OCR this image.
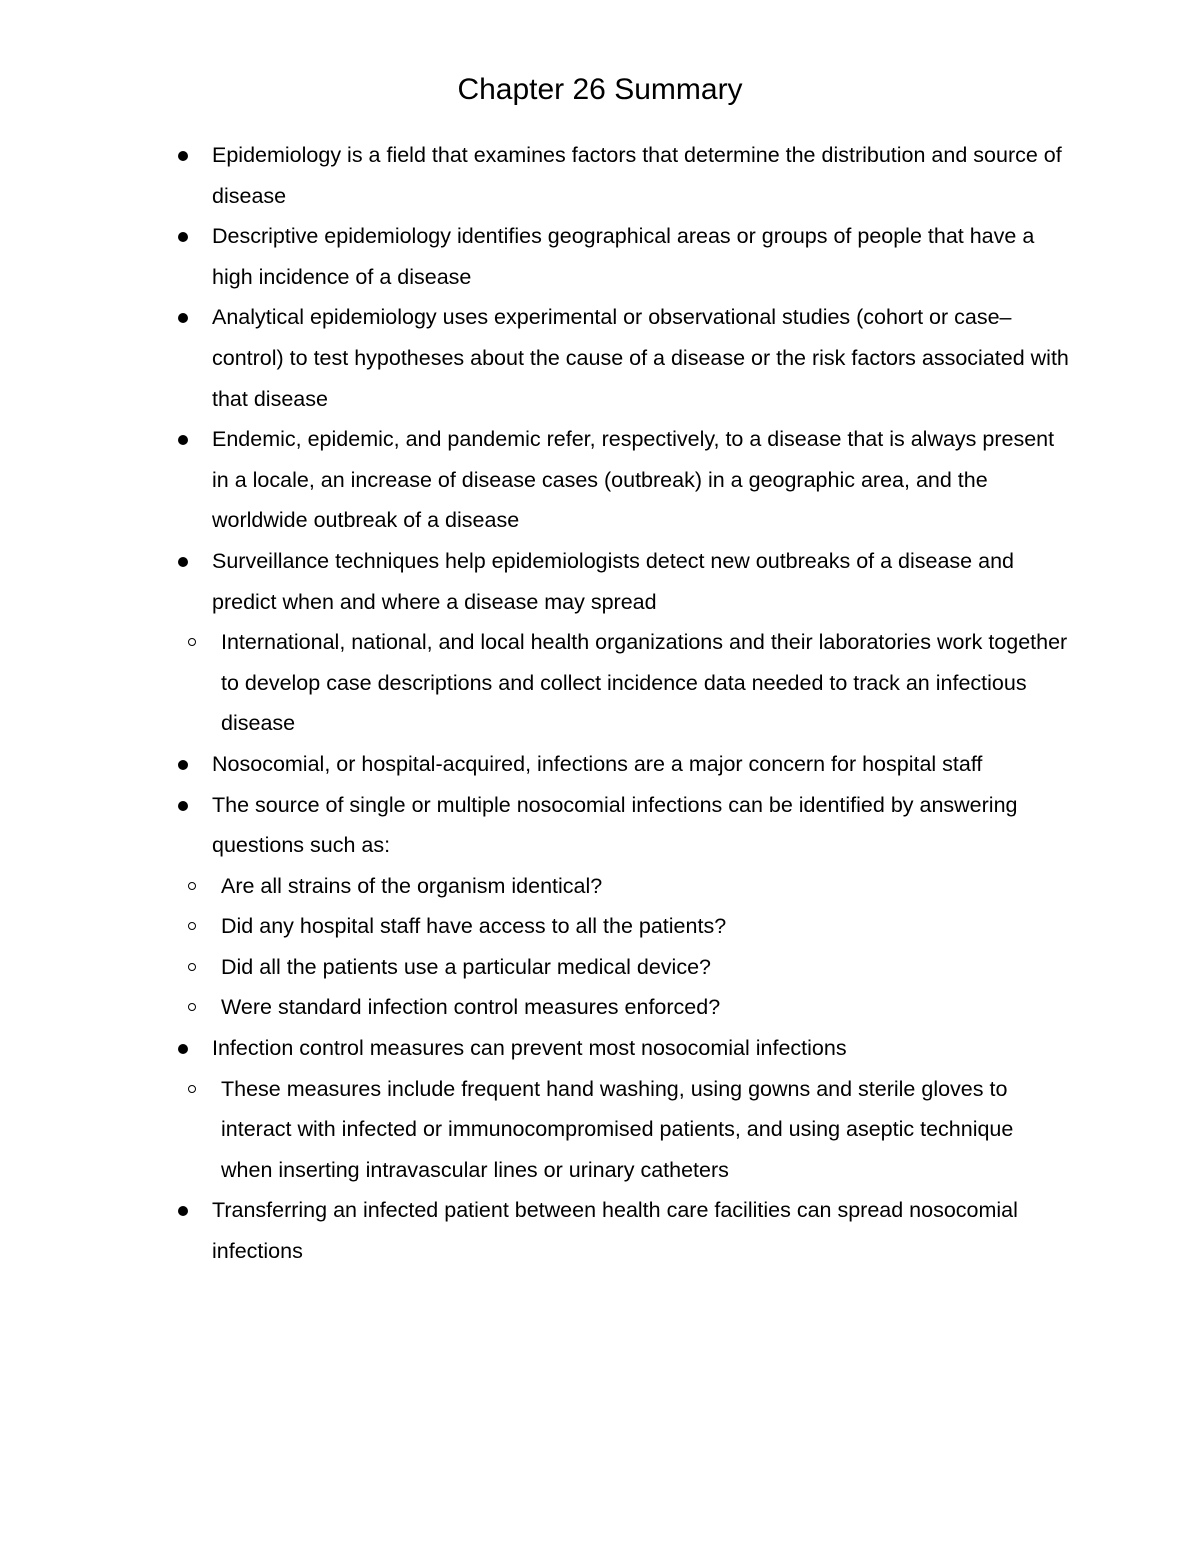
Chapter 26 Summary
Epidemiology is a field that examines factors that determine the distribution and source of disease
Descriptive epidemiology identifies geographical areas or groups of people that have a high incidence of a disease
Analytical epidemiology uses experimental or observational studies (cohort or case–control) to test hypotheses about the cause of a disease or the risk factors associated with that disease
Endemic, epidemic, and pandemic refer, respectively, to a disease that is always present in a locale, an increase of disease cases (outbreak) in a geographic area, and the worldwide outbreak of a disease
Surveillance techniques help epidemiologists detect new outbreaks of a disease and predict when and where a disease may spread
International, national, and local health organizations and their laboratories work together to develop case descriptions and collect incidence data needed to track an infectious disease
Nosocomial, or hospital-acquired, infections are a major concern for hospital staff
The source of single or multiple nosocomial infections can be identified by answering questions such as:
Are all strains of the organism identical?
Did any hospital staff have access to all the patients?
Did all the patients use a particular medical device?
Were standard infection control measures enforced?
Infection control measures can prevent most nosocomial infections
These measures include frequent hand washing, using gowns and sterile gloves to interact with infected or immunocompromised patients, and using aseptic technique when inserting intravascular lines or urinary catheters
Transferring an infected patient between health care facilities can spread nosocomial infections
